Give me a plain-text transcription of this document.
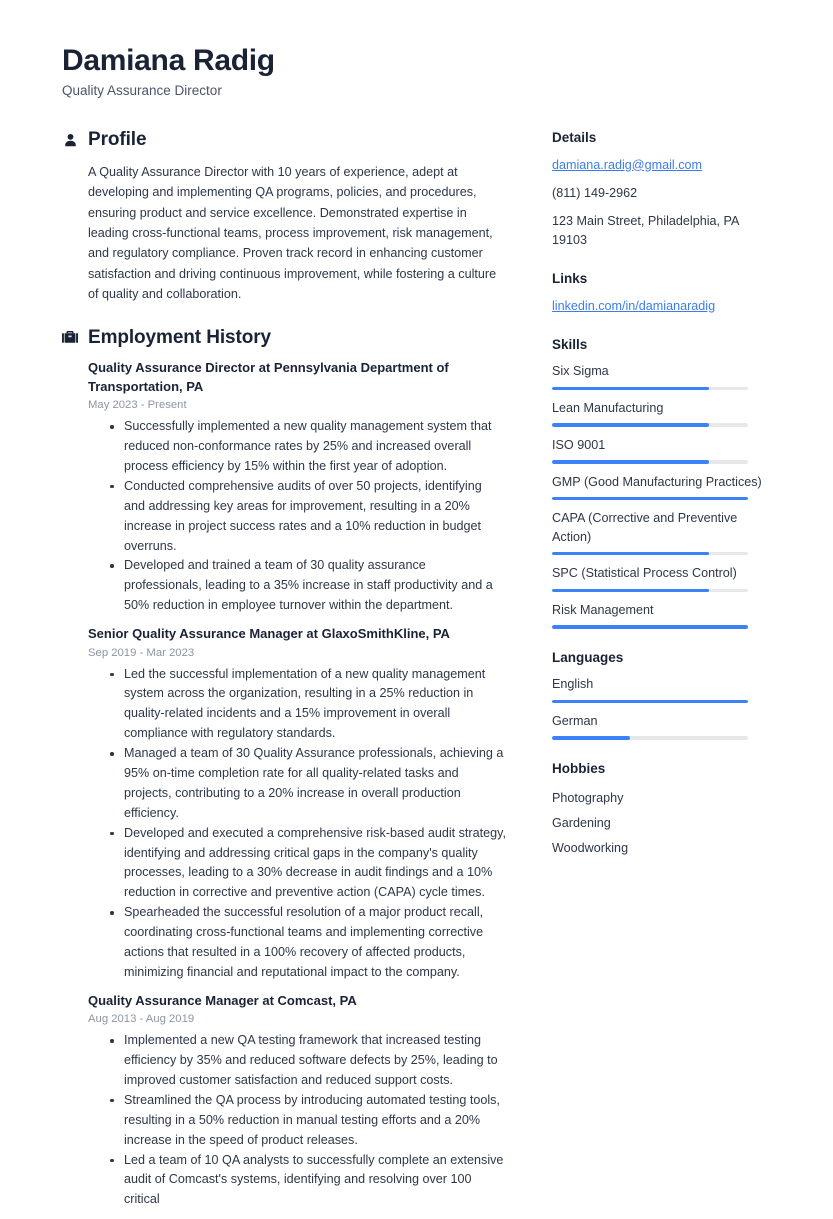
Damiana Radig

Quality Assurance Director

Profile

A Quality Assurance Director with 10 years of experience, adept at developing and implementing QA programs, policies, and procedures, ensuring product and service excellence. Demonstrated expertise in leading cross-functional teams, process improvement, risk management, and regulatory compliance. Proven track record in enhancing customer satisfaction and driving continuous improvement, while fostering a culture of quality and collaboration.

Employment History
Quality Assurance Director at Pennsylvania Department of Transportation, PA
May 2023 - Present
Successfully implemented a new quality management system that reduced non-conformance rates by 25% and increased overall process efficiency by 15% within the first year of adoption.
Conducted comprehensive audits of over 50 projects, identifying and addressing key areas for improvement, resulting in a 20% increase in project success rates and a 10% reduction in budget overruns.
Developed and trained a team of 30 quality assurance professionals, leading to a 35% increase in staff productivity and a 50% reduction in employee turnover within the department.
Senior Quality Assurance Manager at GlaxoSmithKline, PA
Sep 2019 - Mar 2023
Led the successful implementation of a new quality management system across the organization, resulting in a 25% reduction in quality-related incidents and a 15% improvement in overall compliance with regulatory standards.
Managed a team of 30 Quality Assurance professionals, achieving a 95% on-time completion rate for all quality-related tasks and projects, contributing to a 20% increase in overall production efficiency.
Developed and executed a comprehensive risk-based audit strategy, identifying and addressing critical gaps in the company's quality processes, leading to a 30% decrease in audit findings and a 10% reduction in corrective and preventive action (CAPA) cycle times.
Spearheaded the successful resolution of a major product recall, coordinating cross-functional teams and implementing corrective actions that resulted in a 100% recovery of affected products, minimizing financial and reputational impact to the company.
Quality Assurance Manager at Comcast, PA
Aug 2013 - Aug 2019
Implemented a new QA testing framework that increased testing efficiency by 35% and reduced software defects by 25%, leading to improved customer satisfaction and reduced support costs.
Streamlined the QA process by introducing automated testing tools, resulting in a 50% reduction in manual testing efforts and a 20% increase in the speed of product releases.
Led a team of 10 QA analysts to successfully complete an extensive audit of Comcast's systems, identifying and resolving over 100 critical
Details
damiana.radig@gmail.com
(811) 149-2962
123 Main Street, Philadelphia, PA 19103
Links
linkedin.com/in/damianaradig
Skills
Six Sigma
Lean Manufacturing
ISO 9001
GMP (Good Manufacturing Practices)
CAPA (Corrective and Preventive Action)
SPC (Statistical Process Control)
Risk Management
Languages
English
German
Hobbies
Photography
Gardening
Woodworking
